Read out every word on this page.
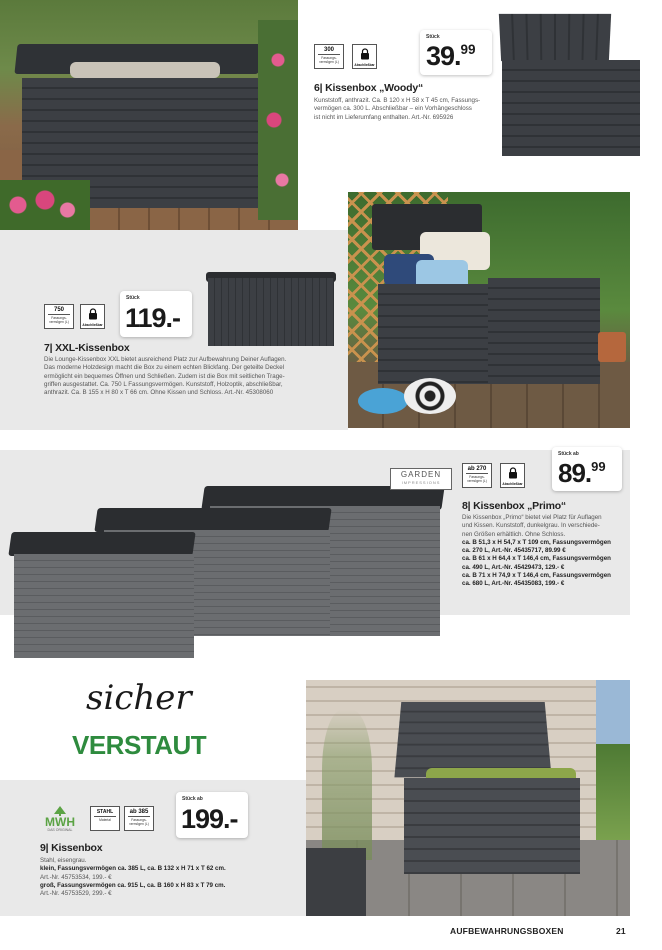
300
Fassungs-vermögen (L)
Abschließbar
Stück
39.99
6| Kissenbox „Woody“
Kunststoff, anthrazit. Ca. B 120 x H 58 x T 45 cm, Fassungs-
vermögen ca. 300 L. Abschließbar – ein Vorhängeschloss
ist nicht im Lieferumfang enthalten. Art.-Nr. 695926
750
Fassungs-vermögen (L)
Abschließbar
Stück
119.-
7| XXL-Kissenbox
Die Lounge-Kissenbox XXL bietet ausreichend Platz zur Aufbewahrung Deiner Auflagen.
Das moderne Holzdesign macht die Box zu einem echten Blickfang. Der geteilte Deckel
ermöglicht ein bequemes Öffnen und Schließen. Zudem ist die Box mit seitlichen Trage-
griffen ausgestattet. Ca. 750 L Fassungsvermögen. Kunststoff, Holzoptik, abschließbar,
anthrazit. Ca. B 155 x H 80 x T 66 cm. Ohne Kissen und Schloss. Art.-Nr. 45308060
GARDEN
IMPRESSIONS
ab 270
Fassungs-vermögen (L)
Abschließbar
Stück ab
89.99
8| Kissenbox „Primo“
Die Kissenbox „Primo“ bietet viel Platz für Auflagen
und Kissen. Kunststoff, dunkelgrau. In verschiede-
nen Größen erhältlich. Ohne Schloss.
ca. B 51,3 x H 54,7 x T 109 cm, Fassungsvermögen
ca. 270 L, Art.-Nr. 45435717, 89.99 €
ca. B 61 x H 64,4 x T 146,4 cm, Fassungsvermögen
ca. 490 L, Art.-Nr. 45429473, 129.- €
ca. B 71 x H 74,9 x T 146,4 cm, Fassungsvermögen
ca. 680 L, Art.-Nr. 45435083, 199.- €
sicher
VERSTAUT
MWH
DAS ORIGINAL
STAHL
Material
ab 385
Fassungs-vermögen (L)
Stück ab
199.-
9| Kissenbox
Stahl, eisengrau.
klein, Fassungsvermögen ca. 385 L, ca. B 132 x H 71 x T 62 cm.
Art.-Nr. 45753534, 199.- €
groß, Fassungsvermögen ca. 915 L, ca. B 160 x H 83 x T 79 cm.
Art.-Nr. 45753529, 299.- €
AUFBEWAHRUNGSBOXEN	21
